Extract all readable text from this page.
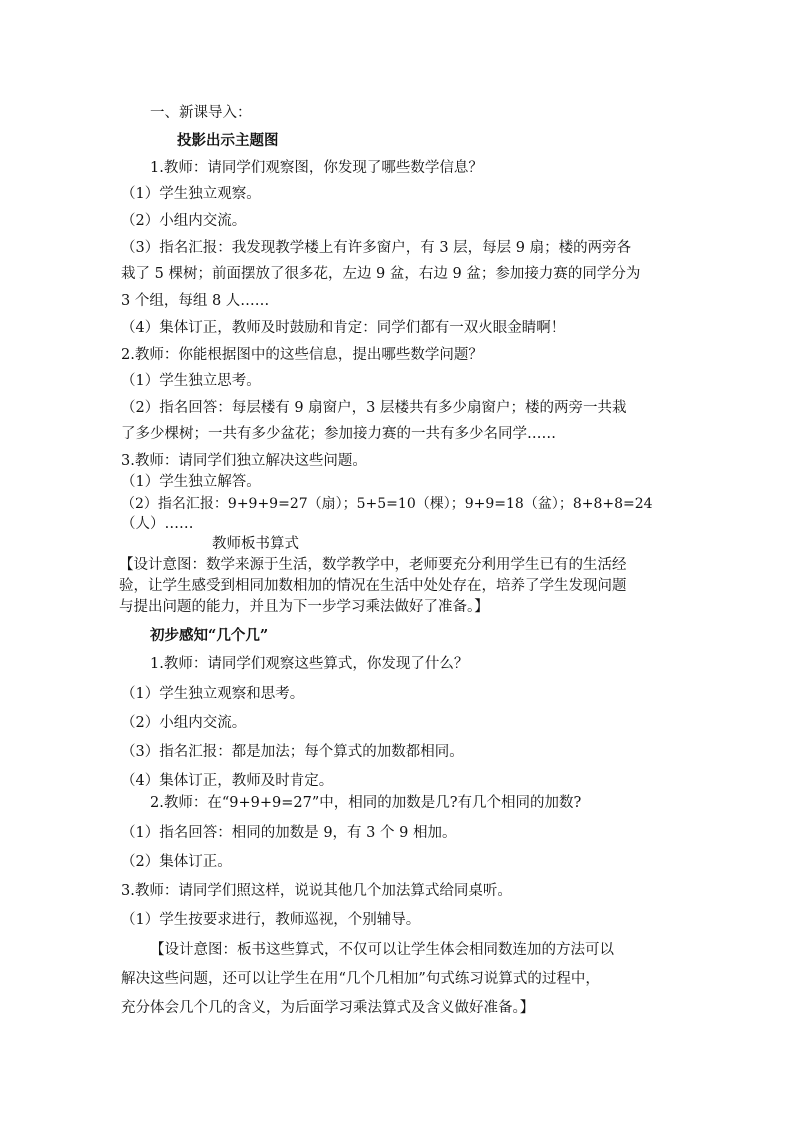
一、新课导入：
投影出示主题图
1.教师：请同学们观察图，你发现了哪些数学信息？
（1）学生独立观察。
（2）小组内交流。
（3）指名汇报：我发现教学楼上有许多窗户，有 3 层，每层 9 扇；楼的两旁各
栽了 5 棵树；前面摆放了很多花，左边 9 盆，右边 9 盆；参加接力赛的同学分为
3 个组，每组 8 人……
（4）集体订正，教师及时鼓励和肯定：同学们都有一双火眼金睛啊！
2.教师：你能根据图中的这些信息，提出哪些数学问题？
（1）学生独立思考。
（2）指名回答：每层楼有 9 扇窗户，3 层楼共有多少扇窗户；楼的两旁一共栽
了多少棵树；一共有多少盆花；参加接力赛的一共有多少名同学……
3.教师：请同学们独立解决这些问题。
（1）学生独立解答。
（2）指名汇报：9+9+9=27（扇）；5+5=10（棵）；9+9=18（盆）；8+8+8=24
（人）……
教师板书算式
【设计意图：数学来源于生活，数学教学中，老师要充分利用学生已有的生活经
验，让学生感受到相同加数相加的情况在生活中处处存在，培养了学生发现问题
与提出问题的能力，并且为下一步学习乘法做好了准备。】
初步感知“几个几”
1.教师：请同学们观察这些算式，你发现了什么？
（1）学生独立观察和思考。
（2）小组内交流。
（3）指名汇报：都是加法；每个算式的加数都相同。
（4）集体订正，教师及时肯定。
2.教师：在“9+9+9=27”中，相同的加数是几?有几个相同的加数?
（1）指名回答：相同的加数是 9，有 3 个 9 相加。
（2）集体订正。
3.教师：请同学们照这样，说说其他几个加法算式给同桌听。
（1）学生按要求进行，教师巡视，个别辅导。
【设计意图：板书这些算式，不仅可以让学生体会相同数连加的方法可以
解决这些问题，还可以让学生在用“几个几相加”句式练习说算式的过程中，
充分体会几个几的含义，为后面学习乘法算式及含义做好准备。】
